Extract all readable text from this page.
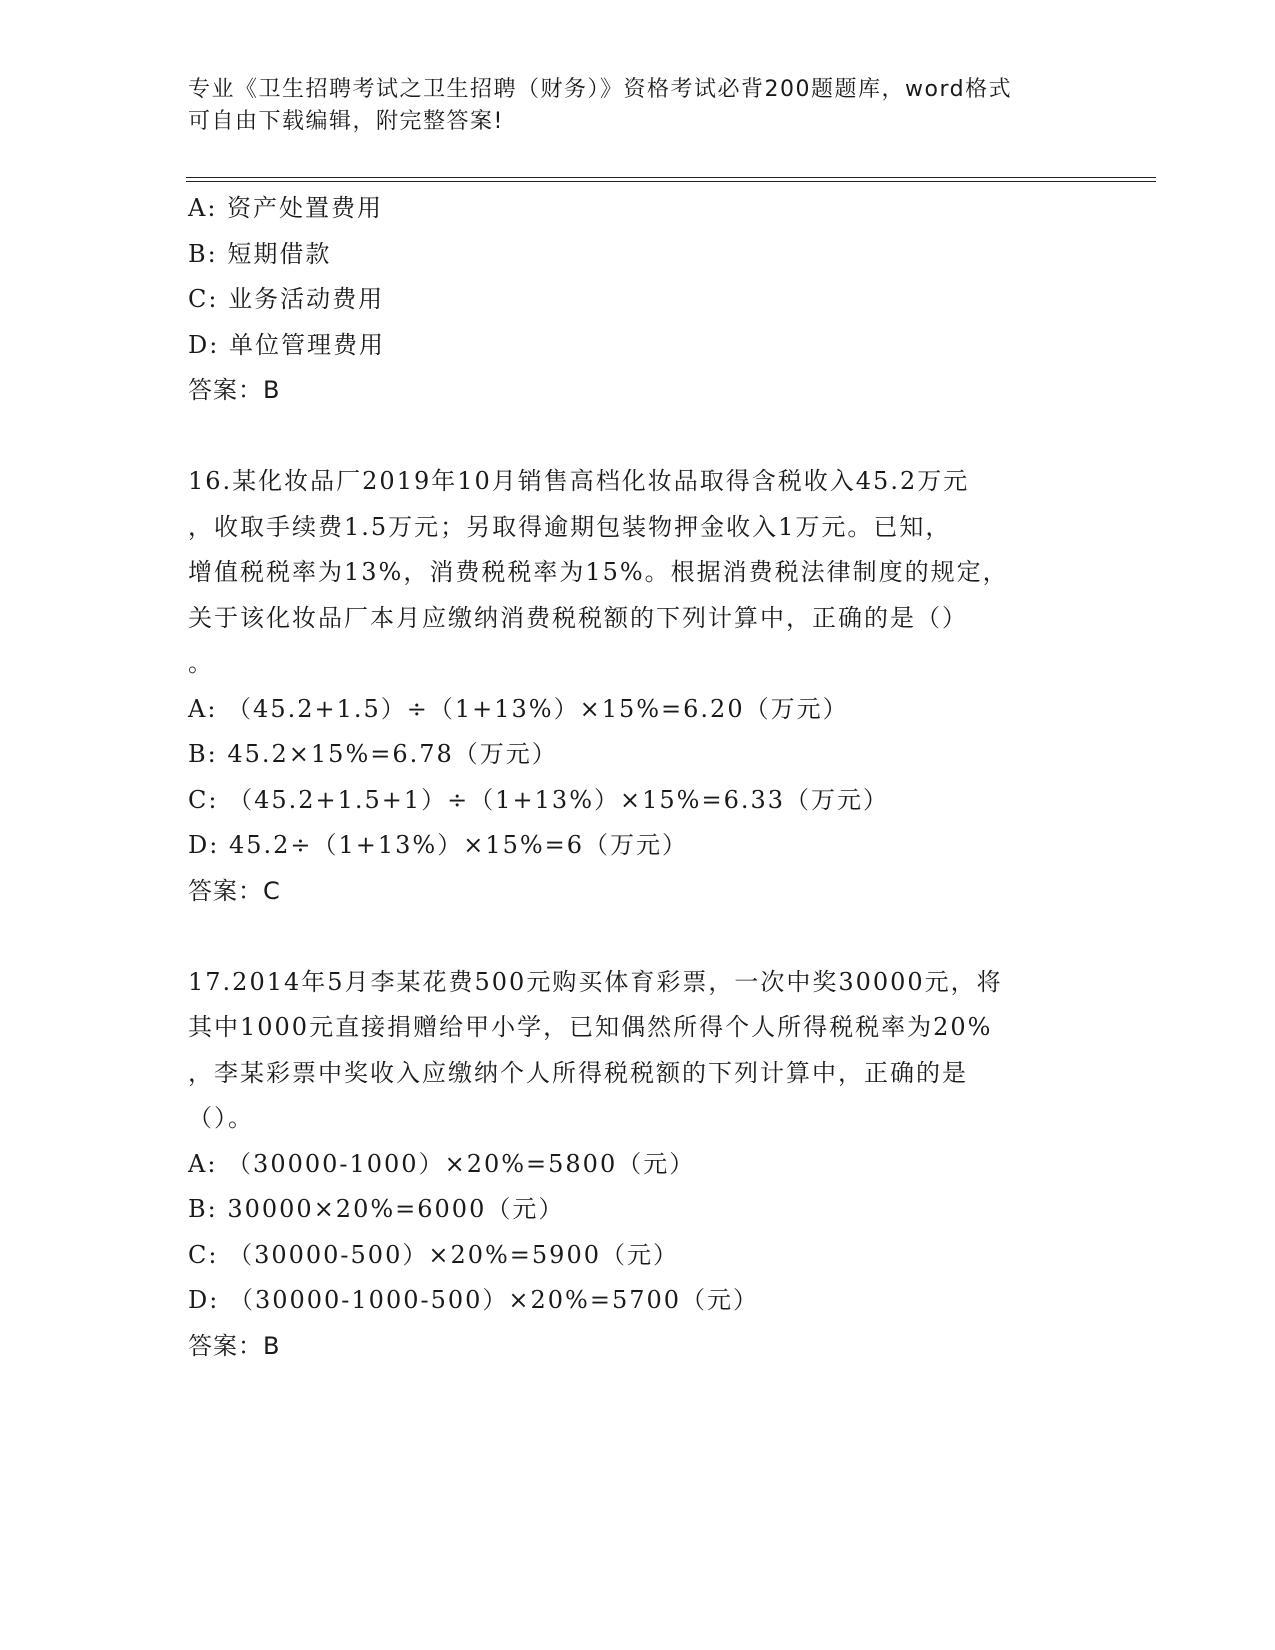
专业《卫生招聘考试之卫生招聘（财务）》资格考试必背200题题库，word格式
可自由下载编辑，附完整答案!
A: 资产处置费用
B: 短期借款
C: 业务活动费用
D: 单位管理费用
答案：B
16.某化妆品厂2019年10月销售高档化妆品取得含税收入45.2万元
，收取手续费1.5万元；另取得逾期包装物押金收入1万元。已知，
增值税税率为13%，消费税税率为15%。根据消费税法律制度的规定，
关于该化妆品厂本月应缴纳消费税税额的下列计算中，正确的是（）
。
A: （45.2+1.5）÷（1+13%）×15%=6.20（万元）
B: 45.2×15%=6.78（万元）
C: （45.2+1.5+1）÷（1+13%）×15%=6.33（万元）
D: 45.2÷（1+13%）×15%=6（万元）
答案：C
17.2014年5月李某花费500元购买体育彩票，一次中奖30000元，将
其中1000元直接捐赠给甲小学，已知偶然所得个人所得税税率为20%
，李某彩票中奖收入应缴纳个人所得税税额的下列计算中，正确的是
（）。
A: （30000-1000）×20%=5800（元）
B: 30000×20%=6000（元）
C: （30000-500）×20%=5900（元）
D: （30000-1000-500）×20%=5700（元）
答案：B
